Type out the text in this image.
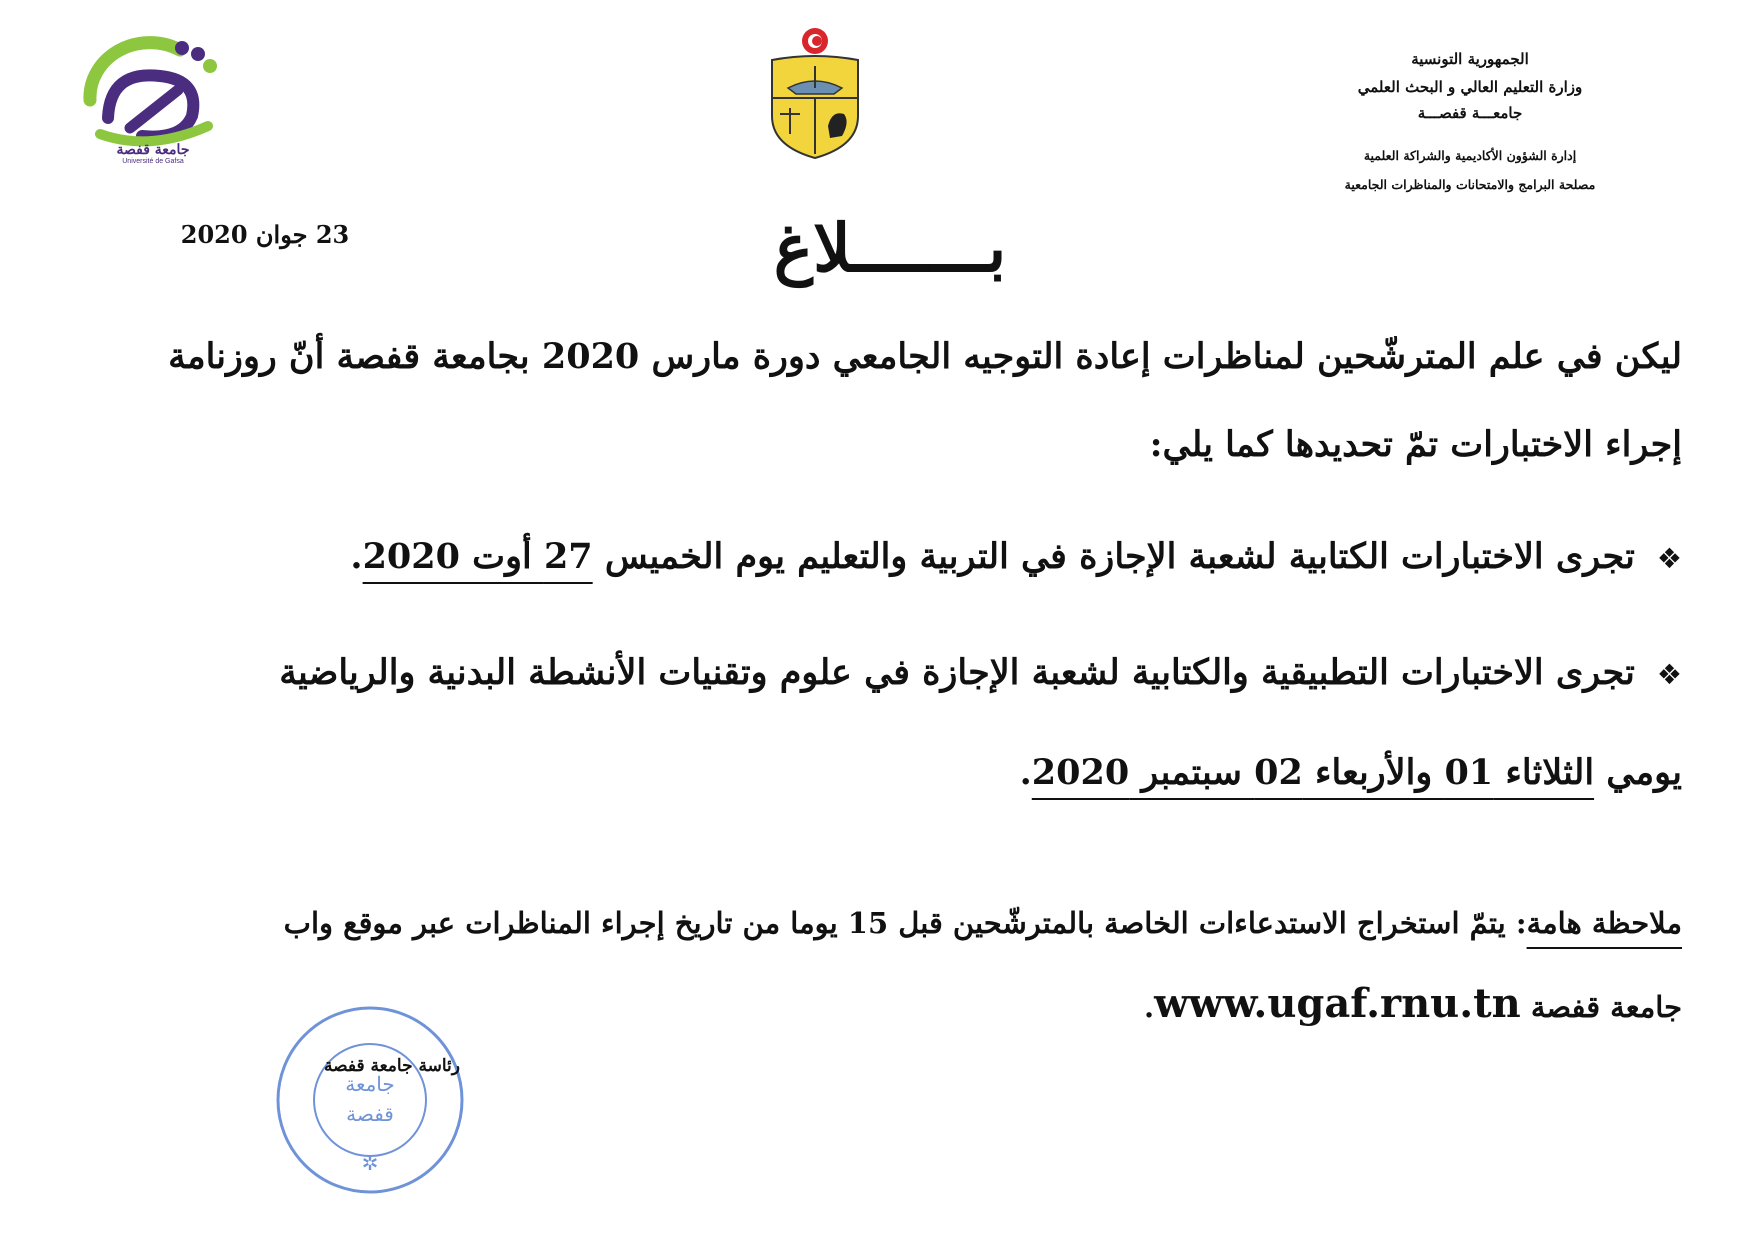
جامعة قفصة
Université de Gafsa
الجمهورية التونسية
وزارة التعليم العالي و البحث العلمي
جامعـــة قفصـــة
إدارة الشؤون الأكاديمية والشراكة العلمية
مصلحة البرامج والامتحانات والمناظرات الجامعية
23 جوان 2020	بـــــــلاغ
ليكن في علم المترشّحين لمناظرات إعادة التوجيه الجامعي دورة مارس 2020 بجامعة قفصة أنّ روزنامة
إجراء الاختبارات تمّ تحديدها كما يلي:
❖تجرى الاختبارات الكتابية لشعبة الإجازة في التربية والتعليم يوم الخميس 27 أوت 2020.
❖تجرى الاختبارات التطبيقية والكتابية لشعبة الإجازة في علوم وتقنيات الأنشطة البدنية والرياضية
يومي الثلاثاء 01 والأربعاء 02 سبتمبر 2020.
ملاحظة هامة: يتمّ استخراج الاستدعاءات الخاصة بالمترشّحين قبل 15 يوما من تاريخ إجراء المناظرات عبر موقع واب
جامعة قفصة www.ugaf.rnu.tn.
✲
جامعة
قفصة
رئاسة جامعة قفصة
